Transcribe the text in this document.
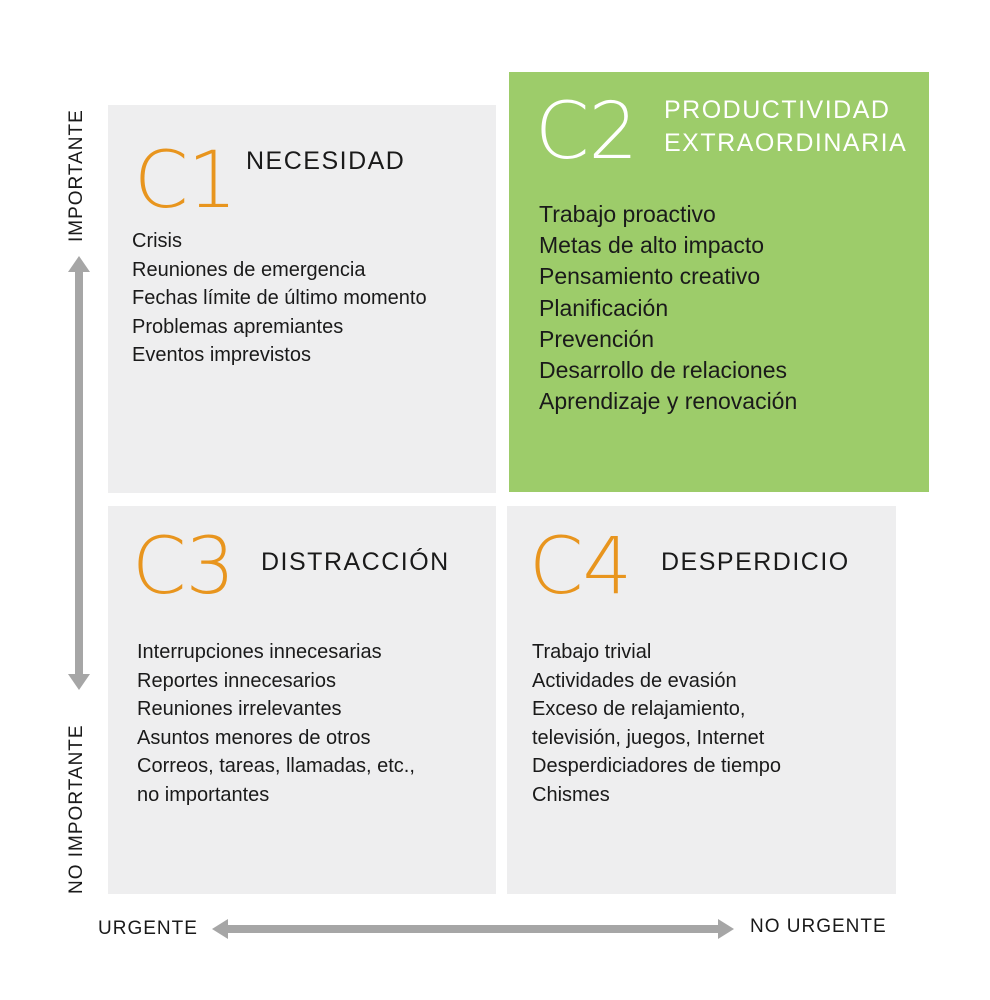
C1 NECESIDAD
Crisis
Reuniones de emergencia
Fechas límite de último momento
Problemas apremiantes
Eventos imprevistos
C2 PRODUCTIVIDAD
EXTRAORDINARIA
Trabajo proactivo
Metas de alto impacto
Pensamiento creativo
Planificación
Prevención
Desarrollo de relaciones
Aprendizaje y renovación
C3 DISTRACCIÓN
Interrupciones innecesarias
Reportes innecesarios
Reuniones irrelevantes
Asuntos menores de otros
Correos, tareas, llamadas, etc.,
no importantes
C4 DESPERDICIO
Trabajo trivial
Actividades de evasión
Exceso de relajamiento,
televisión, juegos, Internet
Desperdiciadores de tiempo
Chismes
IMPORTANTE
NO IMPORTANTE
URGENTE	NO URGENTE
